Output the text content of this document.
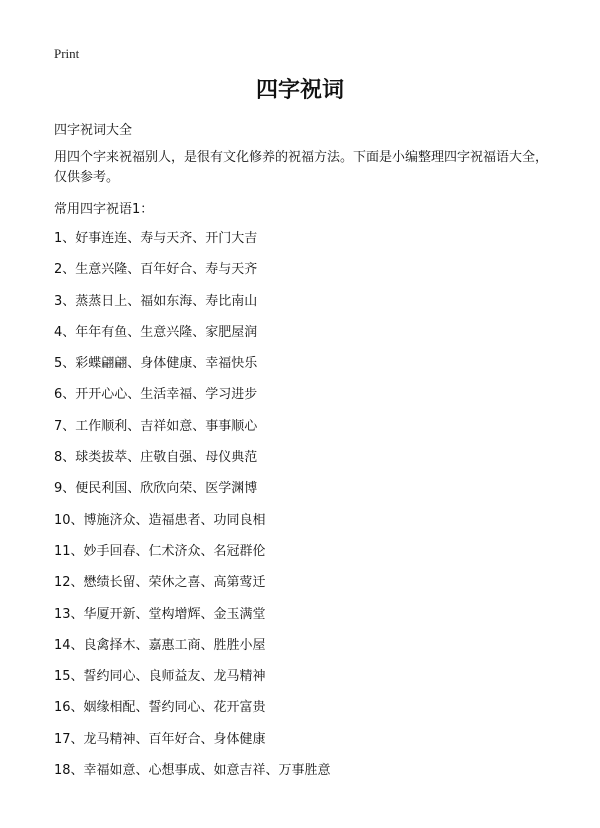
Print
四字祝词

四字祝词大全

用四个字来祝福别人，是很有文化修养的祝福方法。下面是小编整理四字祝福语大全，仅供参考。

常用四字祝语1：

1、好事连连、寿与天齐、开门大吉
2、生意兴隆、百年好合、寿与天齐
3、蒸蒸日上、福如东海、寿比南山
4、年年有鱼、生意兴隆、家肥屋润
5、彩蝶翩翩、身体健康、幸福快乐
6、开开心心、生活幸福、学习进步
7、工作顺利、吉祥如意、事事顺心
8、球类拔萃、庄敬自强、母仪典范
9、便民利国、欣欣向荣、医学渊博
10、博施济众、造福患者、功同良相
11、妙手回春、仁术济众、名冠群伦
12、懋绩长留、荣休之喜、高第莺迁
13、华厦开新、堂构增辉、金玉满堂
14、良禽择木、嘉惠工商、胜胜小屋
15、誓约同心、良师益友、龙马精神
16、姻缘相配、誓约同心、花开富贵
17、龙马精神、百年好合、身体健康
18、幸福如意、心想事成、如意吉祥、万事胜意
